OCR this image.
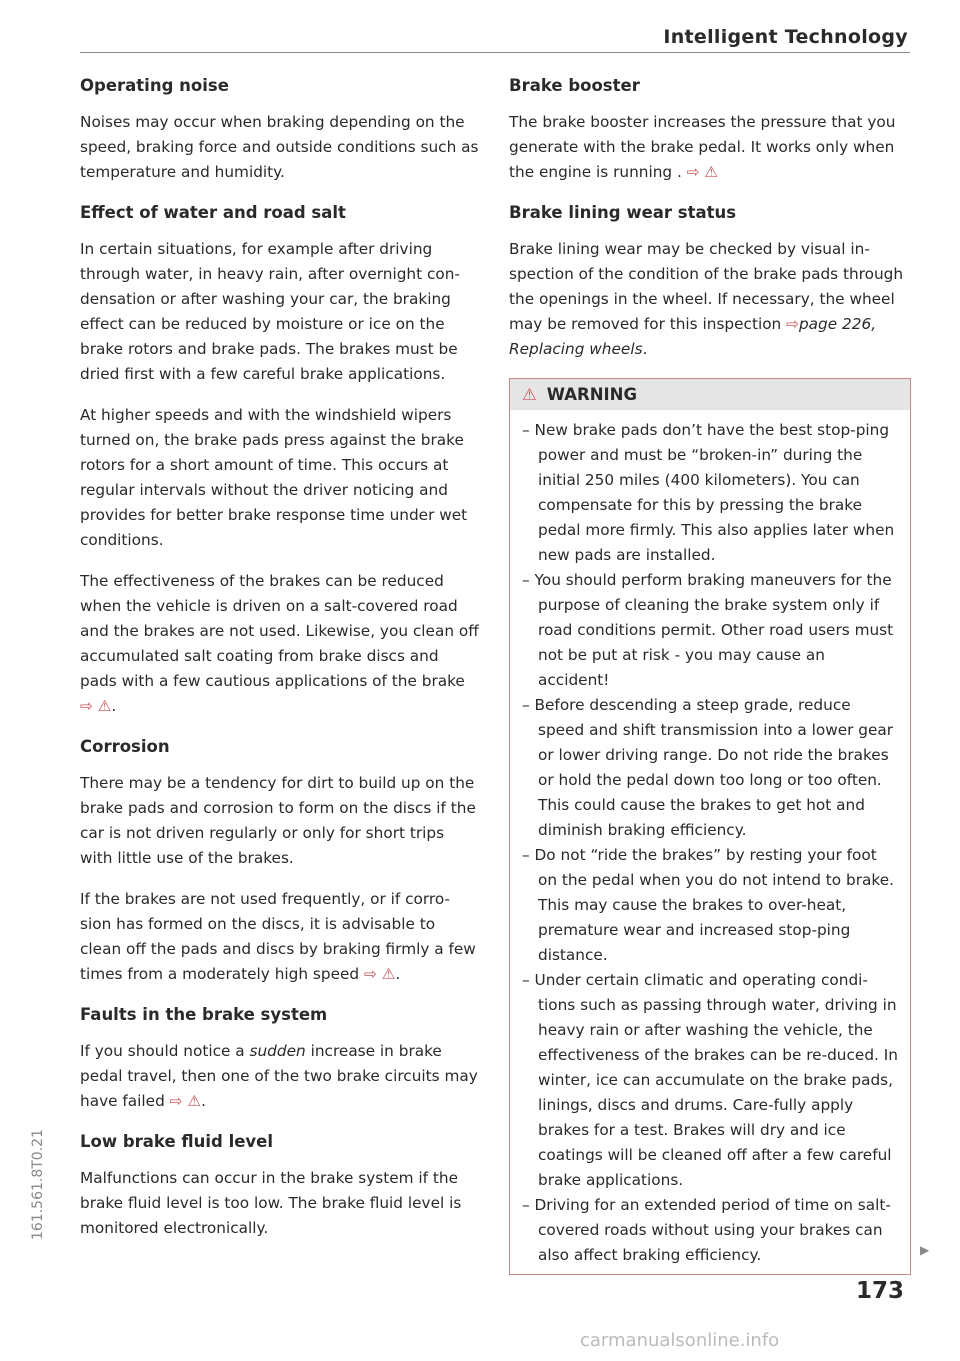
Intelligent Technology
Operating noise

Noises may occur when braking depending on the speed, braking force and outside conditions such as temperature and humidity.

Effect of water and road salt

In certain situations, for example after driving through water, in heavy rain, after overnight con-densation or after washing your car, the braking effect can be reduced by moisture or ice on the brake rotors and brake pads. The brakes must be dried first with a few careful brake applications.

At higher speeds and with the windshield wipers turned on, the brake pads press against the brake rotors for a short amount of time. This occurs at regular intervals without the driver noticing and provides for better brake response time under wet conditions.

The effectiveness of the brakes can be reduced when the vehicle is driven on a salt-covered road and the brakes are not used. Likewise, you clean off accumulated salt coating from brake discs and pads with a few cautious applications of the brake ⇨ ⚠.

Corrosion

There may be a tendency for dirt to build up on the brake pads and corrosion to form on the discs if the car is not driven regularly or only for short trips with little use of the brakes.

If the brakes are not used frequently, or if corro-sion has formed on the discs, it is advisable to clean off the pads and discs by braking firmly a few times from a moderately high speed ⇨ ⚠.

Faults in the brake system

If you should notice a sudden increase in brake pedal travel, then one of the two brake circuits may have failed ⇨ ⚠.

Low brake fluid level

Malfunctions can occur in the brake system if the brake fluid level is too low. The brake fluid level is monitored electronically.

Brake booster

The brake booster increases the pressure that you generate with the brake pedal. It works only when the engine is running . ⇨ ⚠

Brake lining wear status

Brake lining wear may be checked by visual in-spection of the condition of the brake pads through the openings in the wheel. If necessary, the wheel may be removed for this inspection ⇨page 226, Replacing wheels.

⚠ WARNING
– New brake pads don’t have the best stop-ping power and must be “broken-in” during the initial 250 miles (400 kilometers). You can compensate for this by pressing the brake pedal more firmly. This also applies later when new pads are installed.
– You should perform braking maneuvers for the purpose of cleaning the brake system only if road conditions permit. Other road users must not be put at risk - you may cause an accident!
– Before descending a steep grade, reduce speed and shift transmission into a lower gear or lower driving range. Do not ride the brakes or hold the pedal down too long or too often. This could cause the brakes to get hot and diminish braking efficiency.
– Do not “ride the brakes” by resting your foot on the pedal when you do not intend to brake. This may cause the brakes to over-heat, premature wear and increased stop-ping distance.
– Under certain climatic and operating condi-tions such as passing through water, driving in heavy rain or after washing the vehicle, the effectiveness of the brakes can be re-duced. In winter, ice can accumulate on the brake pads, linings, discs and drums. Care-fully apply brakes for a test. Brakes will dry and ice coatings will be cleaned off after a few careful brake applications.
– Driving for an extended period of time on salt-covered roads without using your brakes can also affect braking efficiency.	▶
173
161.561.8T0.21
carmanualsonline.info
